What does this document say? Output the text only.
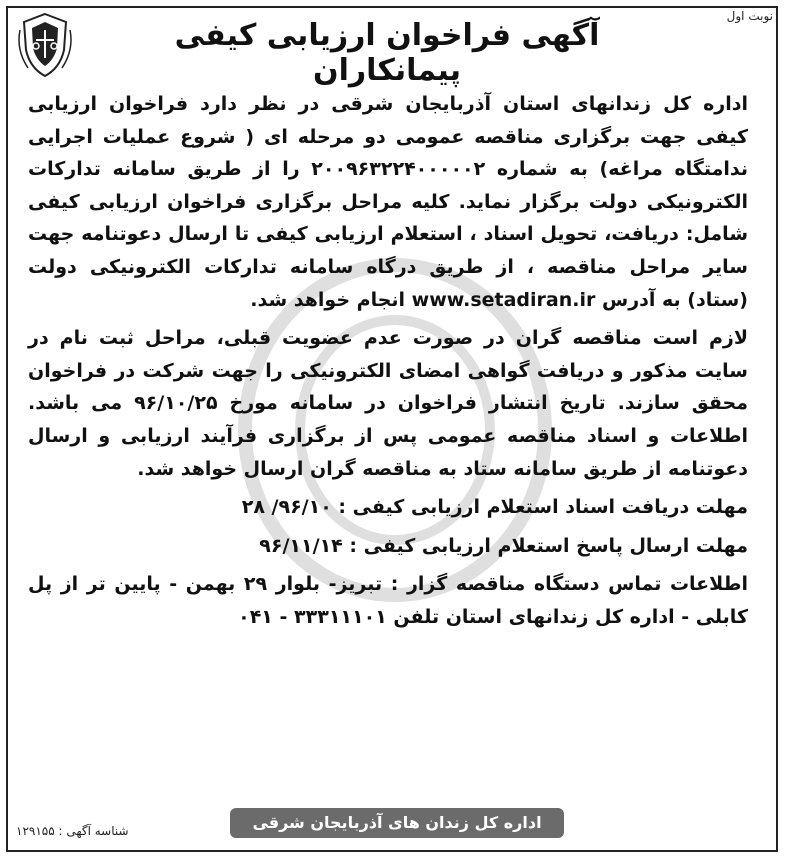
نوبت اول
آگهی فراخوان ارزیابی کیفی پیمانکاران

اداره کل زندانهای استان آذربایجان شرقی در نظر دارد فراخوان ارزیابی کیفی جهت برگزاری مناقصه عمومی دو مرحله ای ( شروع عملیات اجرایی ندامتگاه مراغه) به شماره ۲۰۰۹۶۳۲۲۴۰۰۰۰۰۲ را از طریق سامانه تدارکات الکترونیکی دولت برگزار نماید. کلیه مراحل برگزاری فراخوان ارزیابی کیفی شامل: دریافت، تحویل اسناد ، استعلام ارزیابی کیفی تا ارسال دعوتنامه جهت سایر مراحل مناقصه ، از طریق درگاه سامانه تدارکات الکترونیکی دولت (ستاد) به آدرس www.setadiran.ir انجام خواهد شد.

لازم است مناقصه گران در صورت عدم عضویت قبلی، مراحل ثبت نام در سایت مذکور و دریافت گواهی امضای الکترونیکی را جهت شرکت در فراخوان محقق سازند. تاریخ انتشار فراخوان در سامانه مورخ ۹۶/۱۰/۲۵ می باشد. اطلاعات و اسناد مناقصه عمومی پس از برگزاری فرآیند ارزیابی و ارسال دعوتنامه از طریق سامانه ستاد به مناقصه گران ارسال خواهد شد.

مهلت دریافت اسناد استعلام ارزیابی کیفی : ۹۶/۱۰/ ۲۸

مهلت ارسال پاسخ استعلام ارزیابی کیفی : ۹۶/۱۱/۱۴

اطلاعات تماس دستگاه مناقصه گزار : تبریز- بلوار ۲۹ بهمن - پایین تر از پل کابلی - اداره کل زندانهای استان تلفن ۳۳۳۱۱۱۰۱ - ۰۴۱

اداره کل زندان های آذربایجان شرقی
شناسه آگهی : ۱۲۹۱۵۵
